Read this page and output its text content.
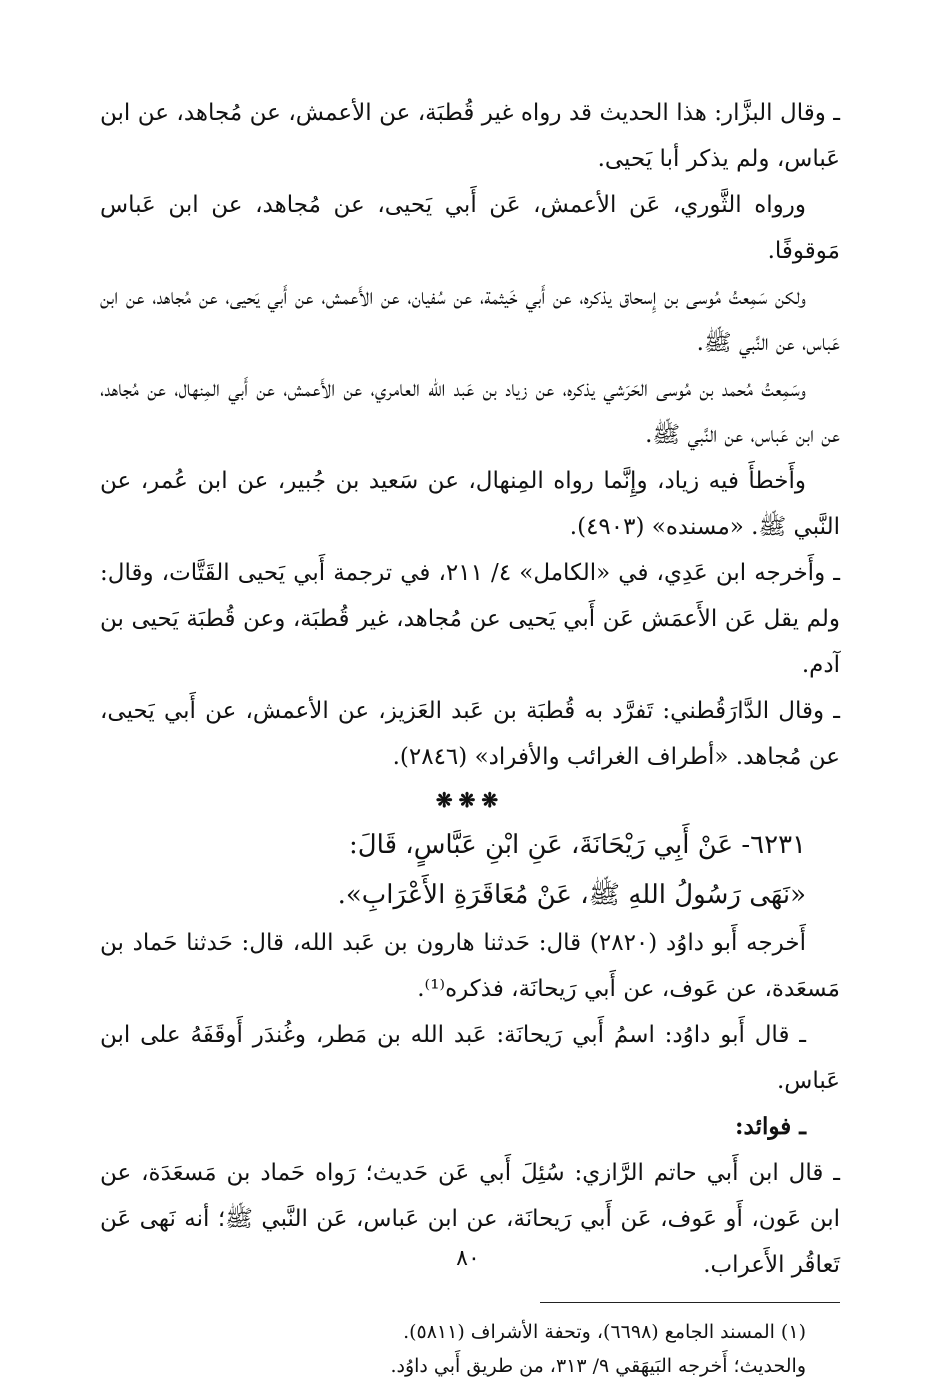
ـ وقال البزَّار: هذا الحديث قد رواه غير قُطبَة، عن الأعمش، عن مُجاهد، عن ابن عَباس، ولم يذكر أبا يَحيى.

ورواه الثَّوري، عَن الأعمش، عَن أَبي يَحيى، عن مُجاهد، عن ابن عَباس مَوقوفًا.

ولكن سَمِعتُ مُوسى بن إِسحاق يذكره، عن أَبي خَيثمة، عن سُفيان، عن الأَعمش، عن أَبي يَحيى، عن مُجاهد، عن ابن عَباس، عن النَّبي ﷺ.

وسَمِعتُ مُحمد بن مُوسى الحَرَشي يذكره، عن زياد بن عَبد الله العامري، عن الأَعمش، عن أَبي المِنهال، عن مُجاهد، عن ابن عَباس، عن النَّبي ﷺ.

وأَخطأَ فيه زياد، وإِنَّما رواه المِنهال، عن سَعيد بن جُبير، عن ابن عُمر، عن النَّبي ﷺ. «مسنده» (٤٩٠٣).

ـ وأَخرجه ابن عَدِي، في «الكامل» ٤/ ٢١١، في ترجمة أَبي يَحيى القَتَّات، وقال: ولم يقل عَن الأَعمَش عَن أَبي يَحيى عن مُجاهد، غير قُطبَة، وعن قُطبَة يَحيى بن آدم.

ـ وقال الدَّارَقُطني: تَفرَّد به قُطبَة بن عَبد العَزيز، عن الأعمش، عن أَبي يَحيى، عن مُجاهد. «أطراف الغرائب والأفراد» (٢٨٤٦).

❋❋❋

٦٢٣١- عَنْ أَبِي رَيْحَانَةَ، عَنِ ابْنِ عَبَّاسٍ، قَالَ:

«نَهَى رَسُولُ اللهِ ﷺ، عَنْ مُعَاقَرَةِ الأَعْرَابِ».

أَخرجه أَبو داوُد (٢٨٢٠) قال: حَدثنا هارون بن عَبد الله، قال: حَدثنا حَماد بن مَسعَدة، عن عَوف، عن أَبي رَيحانَة، فذكره⁽¹⁾.

ـ قال أَبو داوُد: اسمُ أَبي رَيحانَة: عَبد الله بن مَطر، وغُندَر أَوقَفَهُ على ابن عَباس.

ـ فوائد:

ـ قال ابن أَبي حاتم الرَّازي: سُئِلَ أَبي عَن حَديث؛ رَواه حَماد بن مَسعَدَة، عن ابن عَون، أَو عَوف، عَن أَبي رَيحانَة، عن ابن عَباس، عَن النَّبي ﷺ؛ أنه نَهى عَن تَعاقُر الأَعراب.

(١) المسند الجامع (٦٦٩٨)، وتحفة الأشراف (٥٨١١).

والحديث؛ أَخرجه البَيهَقي ٩/ ٣١٣، من طريق أَبي داوُد.

٨٠
